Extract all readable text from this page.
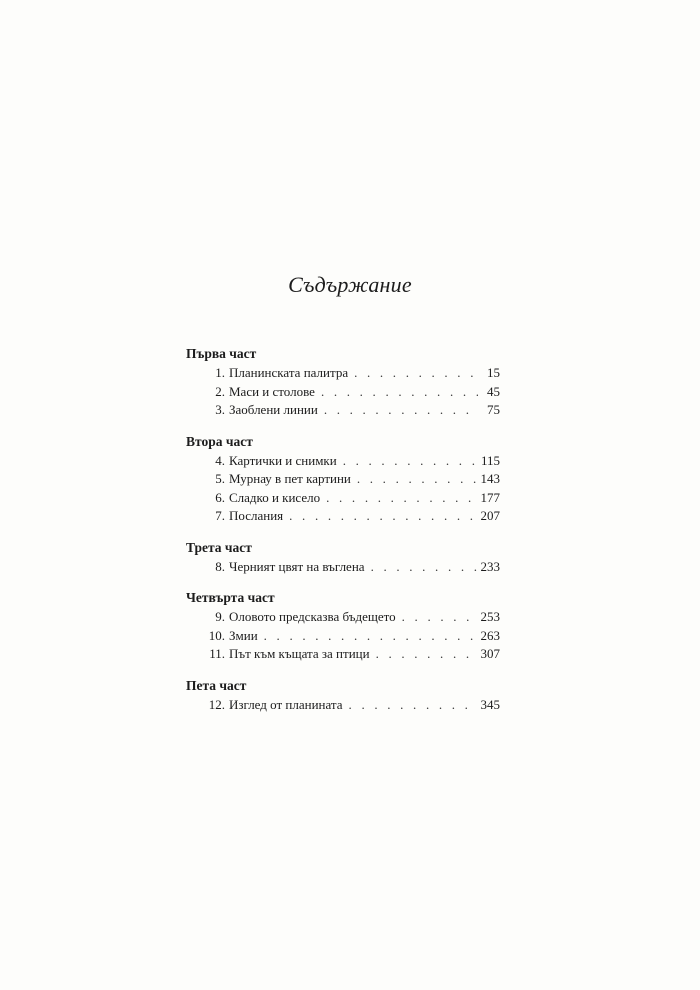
Съдържание
Първа част
1. Планинската палитра . . .	15
2. Маси и столове . . .	45
3. Заоблени линии . . .	75
Втора част
4. Картички и снимки . . .	115
5. Мурнау в пет картини . . .	143
6. Сладко и кисело . . .	177
7. Послания . . .	207
Трета част
8. Черният цвят на въглена . . .	233
Четвърта част
9. Оловото предсказва бъдещето . . .	253
10. Змии . . .	263
11. Път към къщата за птици . . .	307
Пета част
12. Изглед от планината . . .	345
